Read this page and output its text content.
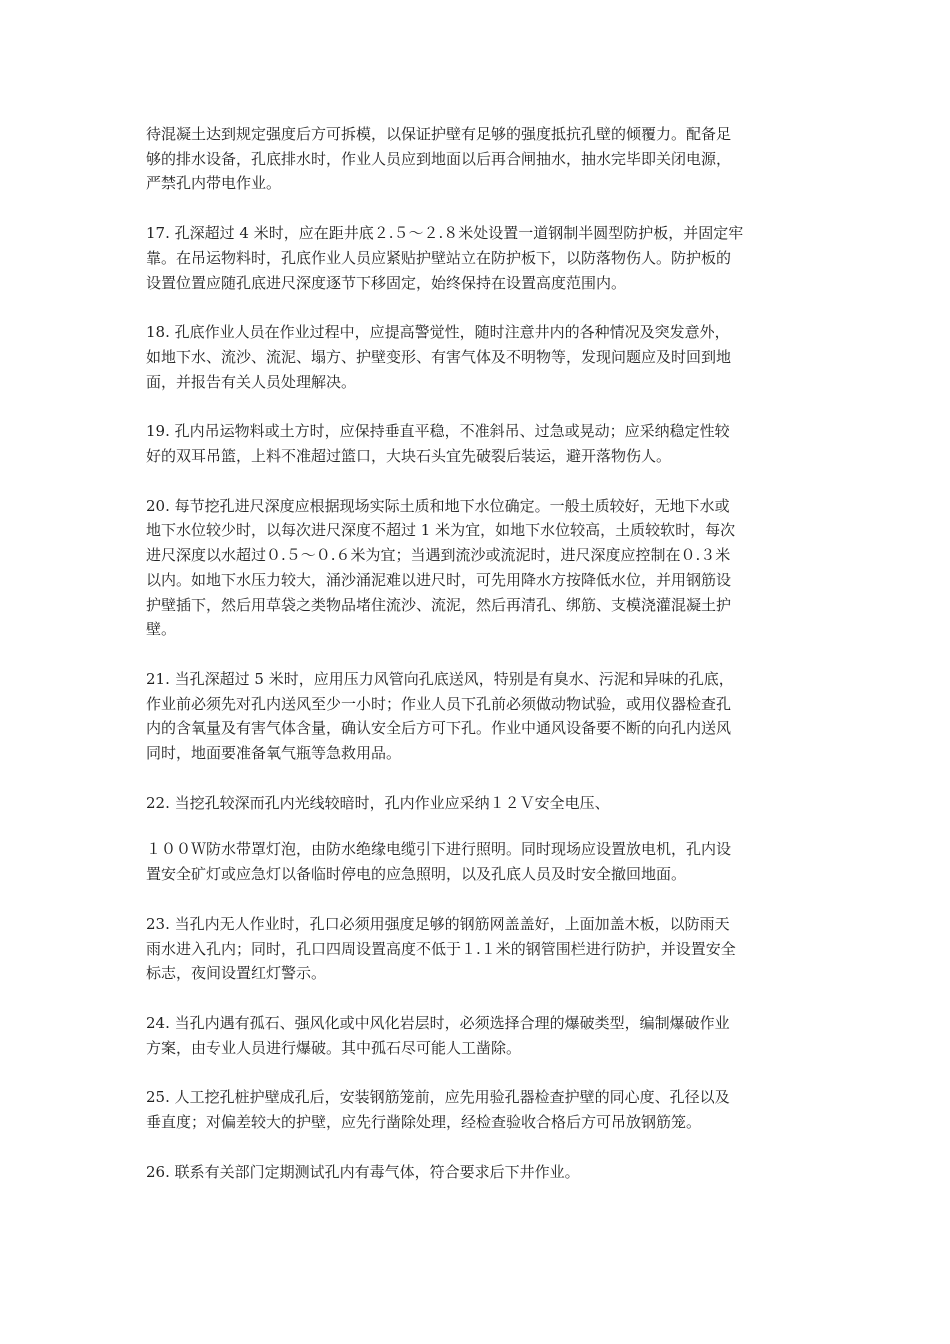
待混凝土达到规定强度后方可拆模，以保证护壁有足够的强度抵抗孔壁的倾覆力。配备足
够的排水设备，孔底排水时，作业人员应到地面以后再合闸抽水，抽水完毕即关闭电源，
严禁孔内带电作业。

17. 孔深超过 4 米时，应在距井底２.５～２.８米处设置一道钢制半圆型防护板，并固定牢
靠。在吊运物料时，孔底作业人员应紧贴护壁站立在防护板下，以防落物伤人。防护板的
设置位置应随孔底进尺深度逐节下移固定，始终保持在设置高度范围内。

18. 孔底作业人员在作业过程中，应提高警觉性，随时注意井内的各种情况及突发意外，
如地下水、流沙、流泥、塌方、护壁变形、有害气体及不明物等，发现问题应及时回到地
面，并报告有关人员处理解决。

19. 孔内吊运物料或土方时，应保持垂直平稳，不准斜吊、过急或晃动；应采纳稳定性较
好的双耳吊篮，上料不准超过篮口，大块石头宜先破裂后装运，避开落物伤人。

20. 每节挖孔进尺深度应根据现场实际土质和地下水位确定。一般土质较好，无地下水或
地下水位较少时，以每次进尺深度不超过 1 米为宜，如地下水位较高，土质较软时，每次
进尺深度以水超过０.５～０.６米为宜；当遇到流沙或流泥时，进尺深度应控制在０.３米
以内。如地下水压力较大，涌沙涌泥难以进尺时，可先用降水方按降低水位，并用钢筋设
护壁插下，然后用草袋之类物品堵住流沙、流泥，然后再清孔、绑筋、支模浇灌混凝土护
壁。

21. 当孔深超过 5 米时，应用压力风管向孔底送风，特别是有臭水、污泥和异味的孔底，
作业前必须先对孔内送风至少一小时；作业人员下孔前必须做动物试验，或用仪器检查孔
内的含氧量及有害气体含量，确认安全后方可下孔。作业中通风设备要不断的向孔内送风
同时，地面要准备氧气瓶等急救用品。

22. 当挖孔较深而孔内光线较暗时，孔内作业应采纳１２Ｖ安全电压、

１００Ｗ防水带罩灯泡，由防水绝缘电缆引下进行照明。同时现场应设置放电机，孔内设
置安全矿灯或应急灯以备临时停电的应急照明，以及孔底人员及时安全撤回地面。

23. 当孔内无人作业时，孔口必须用强度足够的钢筋网盖盖好，上面加盖木板，以防雨天
雨水进入孔内；同时，孔口四周设置高度不低于１.１米的钢管围栏进行防护，并设置安全
标志，夜间设置红灯警示。

24. 当孔内遇有孤石、强风化或中风化岩层时，必须选择合理的爆破类型，编制爆破作业
方案，由专业人员进行爆破。其中孤石尽可能人工凿除。

25. 人工挖孔桩护壁成孔后，安装钢筋笼前，应先用验孔器检查护壁的同心度、孔径以及
垂直度；对偏差较大的护壁，应先行凿除处理，经检查验收合格后方可吊放钢筋笼。

26. 联系有关部门定期测试孔内有毒气体，符合要求后下井作业。
